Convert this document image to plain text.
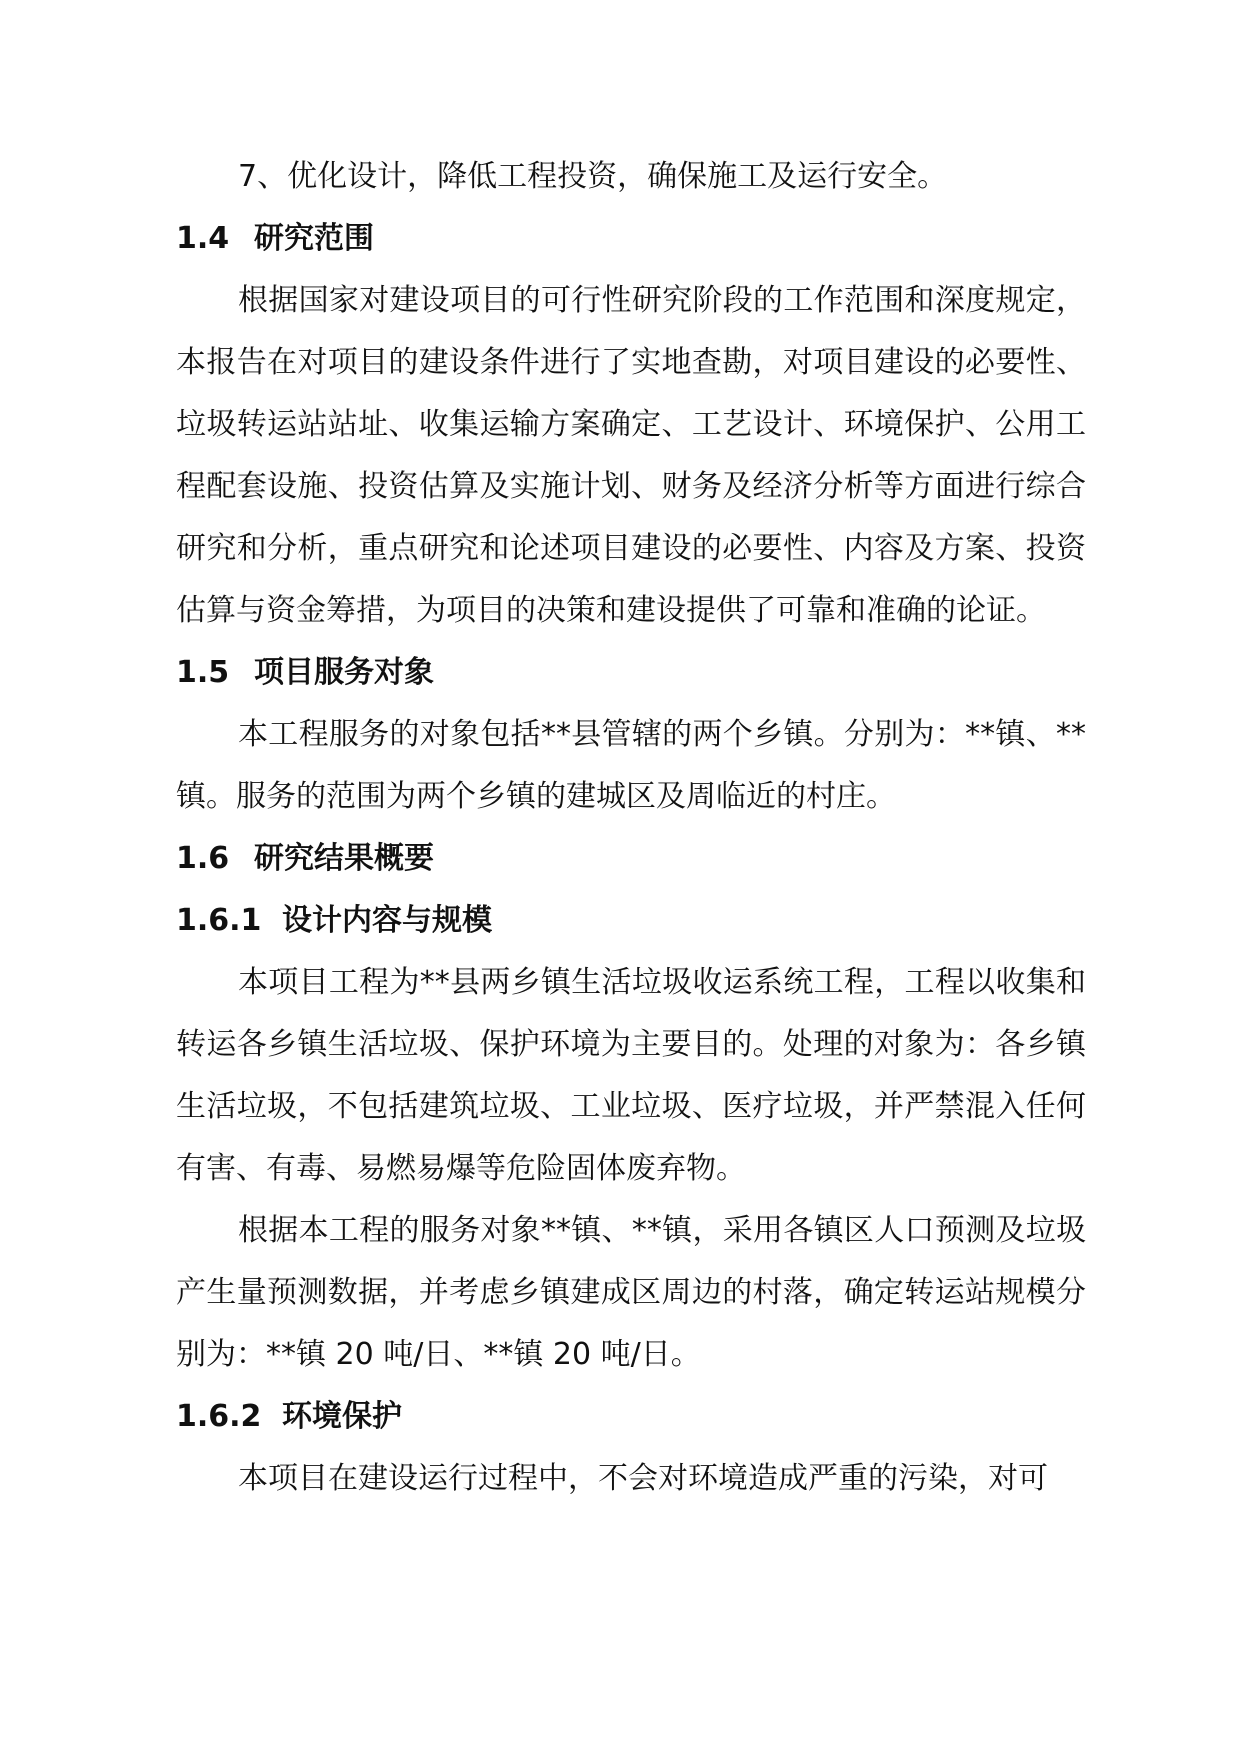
7、优化设计，降低工程投资，确保施工及运行安全。

1.4 研究范围

根据国家对建设项目的可行性研究阶段的工作范围和深度规定，本报告在对项目的建设条件进行了实地查勘，对项目建设的必要性、垃圾转运站站址、收集运输方案确定、工艺设计、环境保护、公用工程配套设施、投资估算及实施计划、财务及经济分析等方面进行综合研究和分析，重点研究和论述项目建设的必要性、内容及方案、投资估算与资金筹措，为项目的决策和建设提供了可靠和准确的论证。

1.5 项目服务对象

本工程服务的对象包括**县管辖的两个乡镇。分别为：**镇、**镇。服务的范围为两个乡镇的建城区及周临近的村庄。

1.6 研究结果概要
1.6.1 设计内容与规模

本项目工程为**县两乡镇生活垃圾收运系统工程，工程以收集和转运各乡镇生活垃圾、保护环境为主要目的。处理的对象为：各乡镇生活垃圾，不包括建筑垃圾、工业垃圾、医疗垃圾，并严禁混入任何有害、有毒、易燃易爆等危险固体废弃物。

根据本工程的服务对象**镇、**镇，采用各镇区人口预测及垃圾产生量预测数据，并考虑乡镇建成区周边的村落，确定转运站规模分别为：**镇 20 吨/日、**镇 20 吨/日。

1.6.2 环境保护

本项目在建设运行过程中，不会对环境造成严重的污染，对可
